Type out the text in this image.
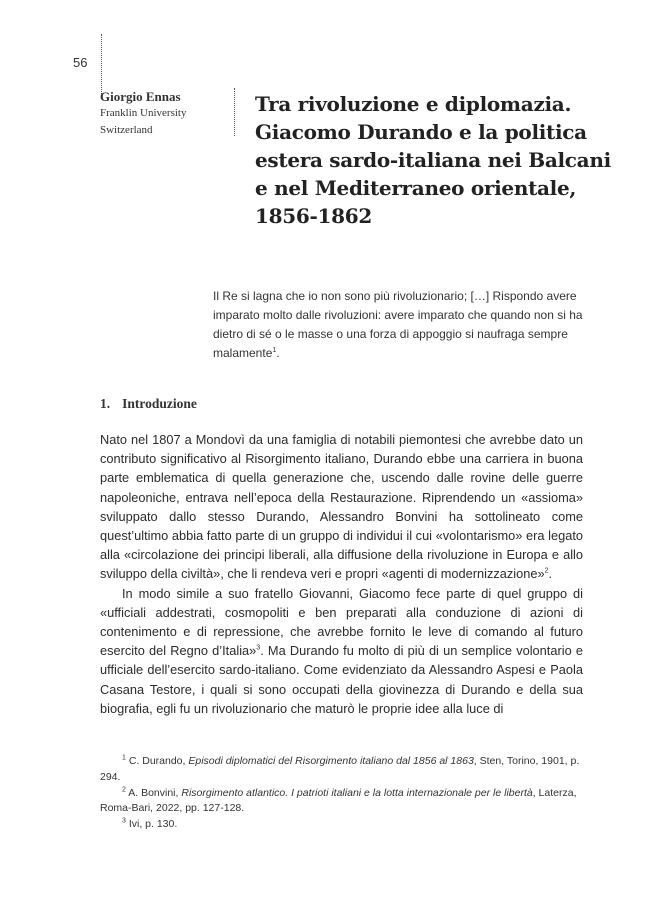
56
Giorgio Ennas
Franklin University
Switzerland
Tra rivoluzione e diplomazia. Giacomo Durando e la politica estera sardo-italiana nei Balcani e nel Mediterraneo orientale, 1856-1862

Il Re si lagna che io non sono più rivoluzionario; […] Rispondo avere imparato molto dalle rivoluzioni: avere imparato che quando non si ha dietro di sé o le masse o una forza di appoggio si naufraga sempre malamente$^1$.

1. Introduzione

Nato nel 1807 a Mondovì da una famiglia di notabili piemontesi che avrebbe dato un contributo significativo al Risorgimento italiano, Durando ebbe una carriera in buona parte emblematica di quella generazione che, uscendo dalle rovine delle guerre napoleoniche, entrava nell’epoca della Restaurazione. Riprendendo un «assioma» sviluppato dallo stesso Durando, Alessandro Bonvini ha sottolineato come quest’ultimo abbia fatto parte di un gruppo di individui il cui «volontarismo» era legato alla «circolazione dei principi liberali, alla diffusione della rivoluzione in Europa e allo sviluppo della civiltà», che li rendeva veri e propri «agenti di modernizzazione»$^2$.

In modo simile a suo fratello Giovanni, Giacomo fece parte di quel gruppo di «ufficiali addestrati, cosmopoliti e ben preparati alla conduzione di azioni di contenimento e di repressione, che avrebbe fornito le leve di comando al futuro esercito del Regno d’Italia»$^3$. Ma Durando fu molto di più di un semplice volontario e ufficiale dell’esercito sardo-italiano. Come evidenziato da Alessandro Aspesi e Paola Casana Testore, i quali si sono occupati della giovinezza di Durando e della sua biografia, egli fu un rivoluzionario che maturò le proprie idee alla luce di

$^1$ C. Durando, Episodi diplomatici del Risorgimento italiano dal 1856 al 1863, Sten, Torino, 1901, p. 294.

$^2$ A. Bonvini, Risorgimento atlantico. I patrioti italiani e la lotta internazionale per le libertà, Laterza, Roma-Bari, 2022, pp. 127-128.

$^3$ Ivi, p. 130.
